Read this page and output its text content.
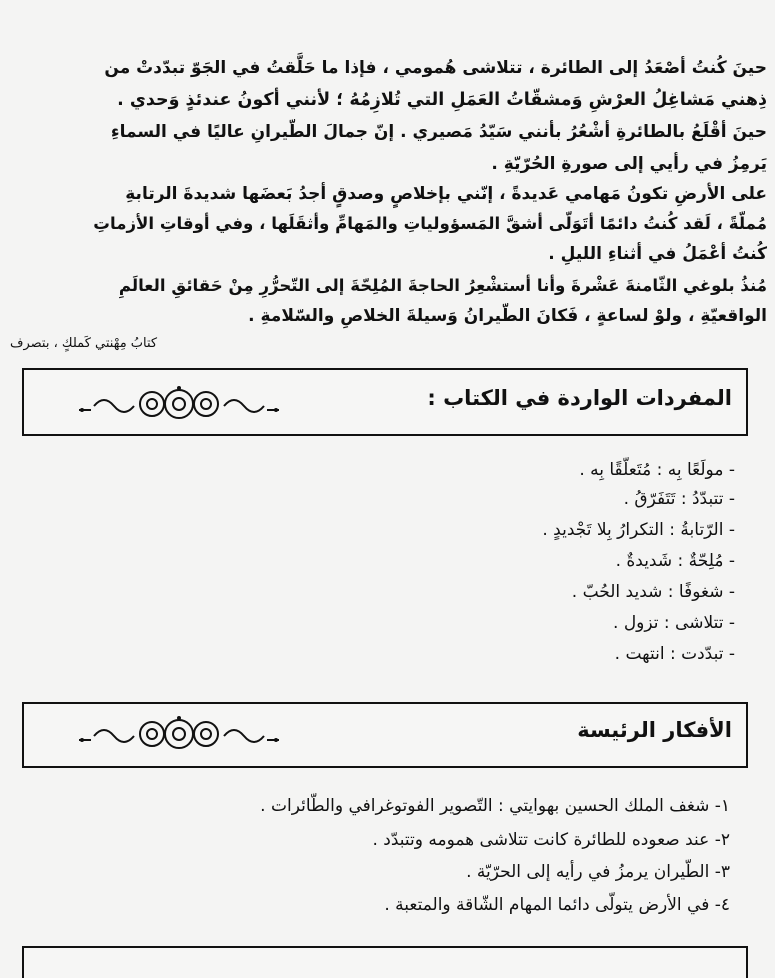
حينَ كُنتُ أصْعَدُ إلى الطائرة ، تتلاشى هُمومي ، فإذا ما حَلَّقتُ في الجَوّ تبدّدتْ من
ذِهني مَشاغِلُ العرْشِ وَمشقّاتُ العَمَلِ التي تُلازِمُهُ ؛ لأنني أكونُ عندئذٍ وَحدي .
حينَ أقْلَعُ بالطائرةِ أشْعُرُ بأنني سَيّدُ مَصيري . إنّ جمالَ الطّيرانِ عاليًا في السماءِ
يَرمِزُ في رأيي إلى صورةِ الحُرّيّةِ .
على الأرضِ تكونُ مَهامي عَديدةً ، إنّني بإخلاصٍ وصدقٍ أجدُ بَعضَها شديدةَ الرتابةِ
مُملّةً ، لَقد كُنتُ دائمًا أتَوَلّى أشقَّ المَسؤولياتِ والمَهامِّ وأثقَلَها ، وفي أوقاتِ الأزماتِ
كُنتُ أعْمَلُ في أثناءِ الليلِ .
مُنذُ بلوغي الثّامنةَ عَشْرةَ وأنا أستشْعِرُ الحاجةَ المُلِحّةَ إلى التّحرُّرِ مِنْ حَقائقِ العالَمِ
الواقعيّةِ ، ولوْ لساعةٍ ، فَكانَ الطّيرانُ وَسيلةَ الخلاصِ والسّلامةِ .
كتابُ مِهْنتي كَملكٍ ، بتصرف
المفردات الواردة في الكتاب :
- مولَعًا بِه : مُتَعلّقًا بِه .
- تتبدّدُ : تَتَفَرّقُ .
- الرّتابةُ : التكرارُ بِلا تَجْديدٍ .
- مُلِحّةٌ : شَديدةٌ .
- شغوفًا : شديد الحُبّ .
- تتلاشى : تزول .
- تبدّدت : انتهت .
الأفكار الرئيسة
١- شغف الملك الحسين بهوايتي : التّصوير الفوتوغرافي والطّائرات .
٢- عند صعوده للطائرة كانت تتلاشى همومه وتتبدّد .
٣- الطّيران يرمزُ في رأيه إلى الحرّيّة .
٤- في الأرض يتولّى دائما المهام الشّاقة والمتعبة .
